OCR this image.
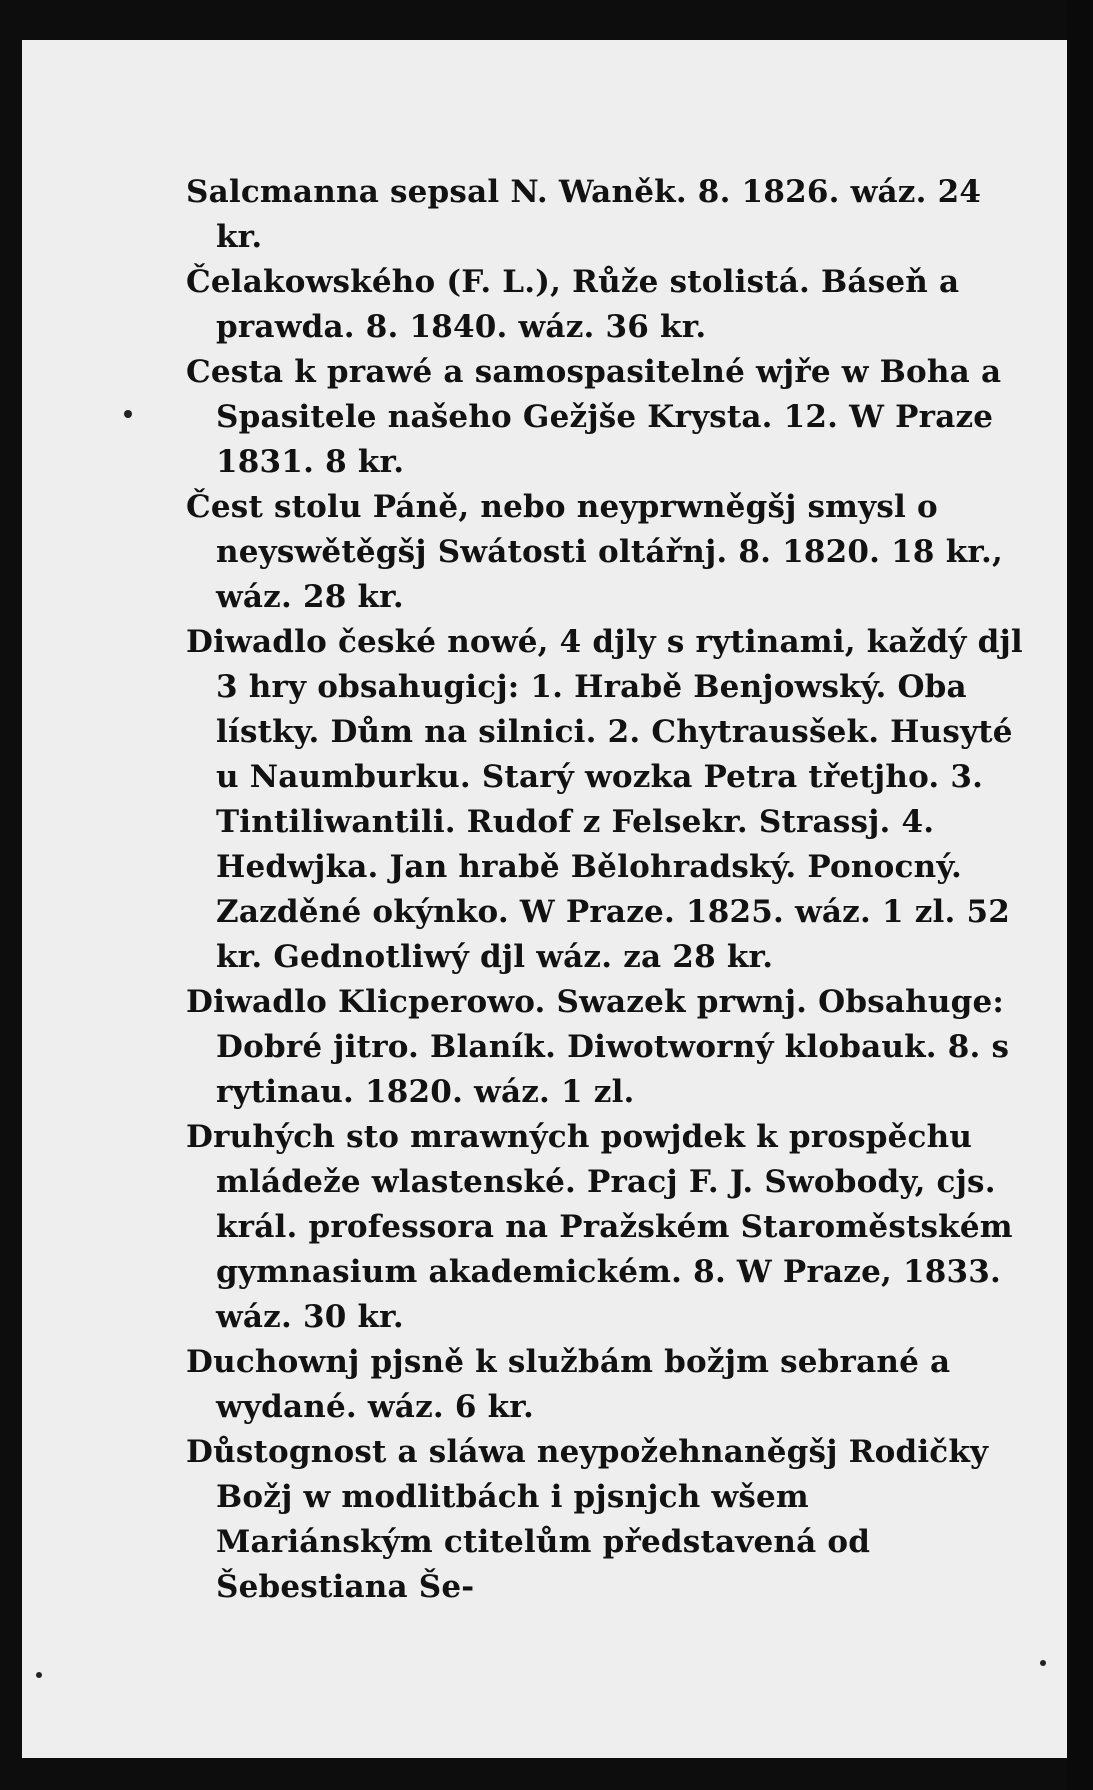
Salcmanna sepsal N. Waněk. 8. 1826. wáz. 24 kr.

Čelakowského (F. L.), Růže stolistá. Báseň a prawda. 8. 1840. wáz. 36 kr.

Cesta k prawé a samospasitelné wjře w Boha a Spasitele našeho Gežjše Krysta. 12. W Praze 1831. 8 kr.

Čest stolu Páně, nebo neyprwněgšj smysl o neyswětěgšj Swátosti oltářnj. 8. 1820. 18 kr., wáz. 28 kr.

Diwadlo české nowé, 4 djly s rytinami, každý djl 3 hry obsahugicj: 1. Hrabě Benjowský. Oba lístky. Dům na silnici. 2. Chytrausšek. Husyté u Naumburku. Starý wozka Petra třetjho. 3. Tintiliwantili. Rudof z Felsekr. Strassj. 4. Hedwjka. Jan hrabě Bělohradský. Ponocný. Zazděné okýnko. W Praze. 1825. wáz. 1 zl. 52 kr. Gednotliwý djl wáz. za 28 kr.

Diwadlo Klicperowo. Swazek prwnj. Obsahuge: Dobré jitro. Blaník. Diwotworný klobauk. 8. s rytinau. 1820. wáz. 1 zl.

Druhých sto mrawných powjdek k prospěchu mládeže wlastenské. Pracj F. J. Swobody, cjs. král. professora na Pražském Staroměstském gymnasium akademickém. 8. W Praze, 1833. wáz. 30 kr.

Duchownj pjsně k službám božjm sebrané a wydané. wáz. 6 kr.

Důstognost a sláwa neypožehnaněgšj Rodičky Božj w modlitbách i pjsnjch wšem Mariánským ctitelům představená od Šebestiana Še-
